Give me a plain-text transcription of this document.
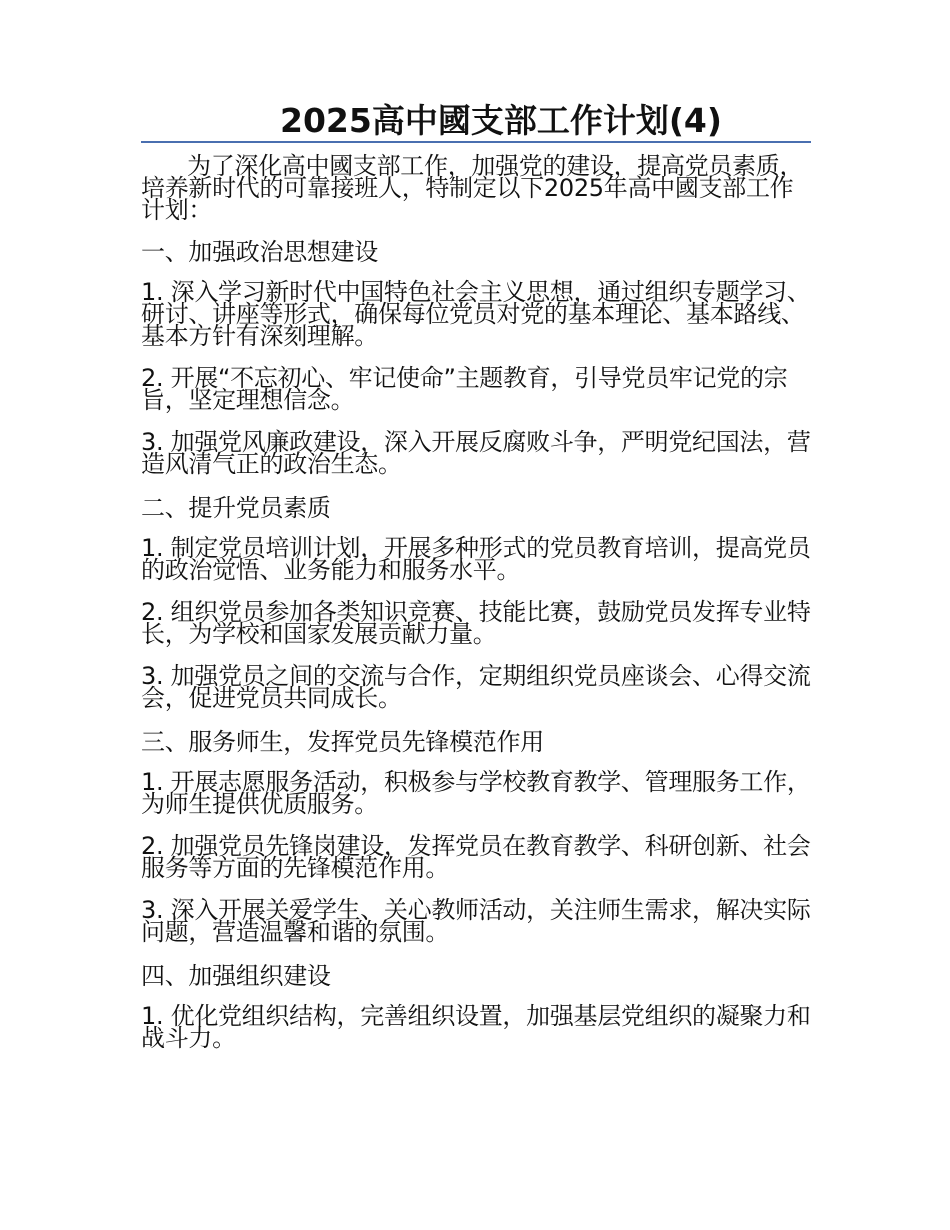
2025高中國支部工作计划(4)

为了深化高中國支部工作，加强党的建设，提高党员素质，培养新时代的可靠接班人，特制定以下2025年高中國支部工作计划：

一、加强政治思想建设

1. 深入学习新时代中国特色社会主义思想，通过组织专题学习、研讨、讲座等形式，确保每位党员对党的基本理论、基本路线、基本方针有深刻理解。

2. 开展“不忘初心、牢记使命”主题教育，引导党员牢记党的宗旨，坚定理想信念。

3. 加强党风廉政建设，深入开展反腐败斗争，严明党纪国法，营造风清气正的政治生态。

二、提升党员素质

1. 制定党员培训计划，开展多种形式的党员教育培训，提高党员的政治觉悟、业务能力和服务水平。

2. 组织党员参加各类知识竞赛、技能比赛，鼓励党员发挥专业特长，为学校和国家发展贡献力量。

3. 加强党员之间的交流与合作，定期组织党员座谈会、心得交流会，促进党员共同成长。

三、服务师生，发挥党员先锋模范作用

1. 开展志愿服务活动，积极参与学校教育教学、管理服务工作，为师生提供优质服务。

2. 加强党员先锋岗建设，发挥党员在教育教学、科研创新、社会服务等方面的先锋模范作用。

3. 深入开展关爱学生、关心教师活动，关注师生需求，解决实际问题，营造温馨和谐的氛围。

四、加强组织建设

1. 优化党组织结构，完善组织设置，加强基层党组织的凝聚力和战斗力。
